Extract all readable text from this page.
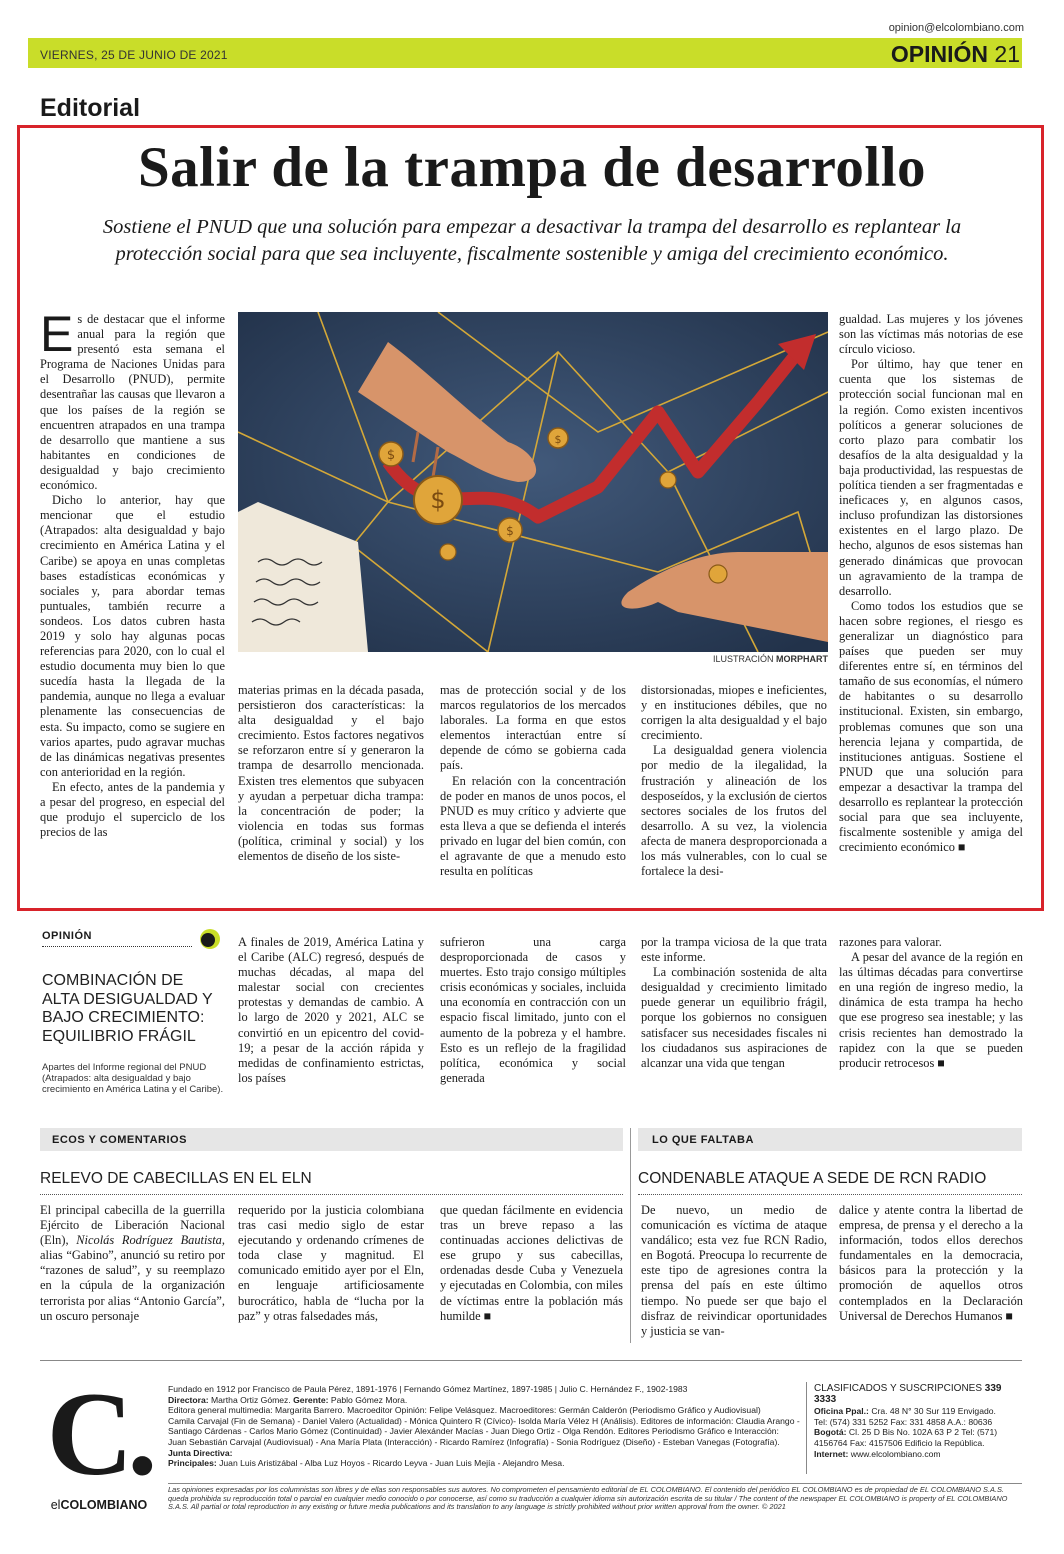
opinion@elcolombiano.com
VIERNES, 25 DE JUNIO DE 2021	OPINIÓN 21
Editorial
Salir de la trampa de desarrollo
Sostiene el PNUD que una solución para empezar a desactivar la trampa del desarrollo es replantear la protección social para que sea incluyente, fiscalmente sostenible y amiga del crecimiento económico.

Es de destacar que el informe anual para la región que presentó esta semana el Programa de Naciones Unidas para el Desarrollo (PNUD), permite desentrañar las causas que llevaron a que los países de la región se encuentren atrapados en una trampa de desarrollo que mantiene a sus habitantes en condiciones de desigualdad y bajo crecimiento económico.

Dicho lo anterior, hay que mencionar que el estudio (Atrapados: alta desigualdad y bajo crecimiento en América Latina y el Caribe) se apoya en unas completas bases estadísticas económicas y sociales y, para abordar temas puntuales, también recurre a sondeos. Los datos cubren hasta 2019 y solo hay algunas pocas referencias para 2020, con lo cual el estudio documenta muy bien lo que sucedía hasta la llegada de la pandemia, aunque no llega a evaluar plenamente las consecuencias de esta. Su impacto, como se sugiere en varios apartes, pudo agravar muchas de las dinámicas negativas presentes con anterioridad en la región.

En efecto, antes de la pandemia y a pesar del progreso, en especial del que produjo el superciclo de los precios de las

$
$
$
$
ILUSTRACIÓN MORPHART

materias primas en la década pasada, persistieron dos características: la alta desigualdad y el bajo crecimiento. Estos factores negativos se reforzaron entre sí y generaron la trampa de desarrollo mencionada. Existen tres elementos que subyacen y ayudan a perpetuar dicha trampa: la concentración de poder; la violencia en todas sus formas (política, criminal y social) y los elementos de diseño de los siste-

mas de protección social y de los marcos regulatorios de los mercados laborales. La forma en que estos elementos interactúan entre sí depende de cómo se gobierna cada país.

En relación con la concentración de poder en manos de unos pocos, el PNUD es muy crítico y advierte que esta lleva a que se defienda el interés privado en lugar del bien común, con el agravante de que a menudo esto resulta en políticas

distorsionadas, miopes e ineficientes, y en instituciones débiles, que no corrigen la alta desigualdad y el bajo crecimiento.

La desigualdad genera violencia por medio de la ilegalidad, la frustración y alineación de los desposeídos, y la exclusión de ciertos sectores sociales de los frutos del desarrollo. A su vez, la violencia afecta de manera desproporcionada a los más vulnerables, con lo cual se fortalece la desi-

gualdad. Las mujeres y los jóvenes son las víctimas más notorias de ese círculo vicioso.

Por último, hay que tener en cuenta que los sistemas de protección social funcionan mal en la región. Como existen incentivos políticos a generar soluciones de corto plazo para combatir los desafíos de la alta desigualdad y la baja productividad, las respuestas de política tienden a ser fragmentadas e ineficaces y, en algunos casos, incluso profundizan las distorsiones existentes en el largo plazo. De hecho, algunos de esos sistemas han generado dinámicas que provocan un agravamiento de la trampa de desarrollo.

Como todos los estudios que se hacen sobre regiones, el riesgo es generalizar un diagnóstico para países que pueden ser muy diferentes entre sí, en términos del tamaño de sus economías, el número de habitantes o su desarrollo institucional. Existen, sin embargo, problemas comunes que son una herencia lejana y compartida, de instituciones antiguas. Sostiene el PNUD que una solución para empezar a desactivar la trampa del desarrollo es replantear la protección social para que sea incluyente, fiscalmente sostenible y amiga del crecimiento económico ■

OPINIÓN
COMBINACIÓN DE ALTA DESIGUALDAD Y BAJO CRECIMIENTO: EQUILIBRIO FRÁGIL
Apartes del Informe regional del PNUD (Atrapados: alta desigualdad y bajo crecimiento en América Latina y el Caribe).

A finales de 2019, América Latina y el Caribe (ALC) regresó, después de muchas décadas, al mapa del malestar social con crecientes protestas y demandas de cambio. A lo largo de 2020 y 2021, ALC se convirtió en un epicentro del covid-19; a pesar de la acción rápida y medidas de confinamiento estrictas, los países

sufrieron una carga desproporcionada de casos y muertes. Esto trajo consigo múltiples crisis económicas y sociales, incluida una economía en contracción con un espacio fiscal limitado, junto con el aumento de la pobreza y el hambre. Esto es un reflejo de la fragilidad política, económica y social generada

por la trampa viciosa de la que trata este informe.

La combinación sostenida de alta desigualdad y crecimiento limitado puede generar un equilibrio frágil, porque los gobiernos no consiguen satisfacer sus necesidades fiscales ni los ciudadanos sus aspiraciones de alcanzar una vida que tengan

razones para valorar.

A pesar del avance de la región en las últimas décadas para convertirse en una región de ingreso medio, la dinámica de esta trampa ha hecho que ese progreso sea inestable; y las crisis recientes han demostrado la rapidez con la que se pueden producir retrocesos ■

ECOS Y COMENTARIOS	LO QUE FALTABA
RELEVO DE CABECILLAS EN EL ELN	CONDENABLE ATAQUE A SEDE DE RCN RADIO

El principal cabecilla de la guerrilla Ejército de Liberación Nacional (Eln), Nicolás Rodríguez Bautista, alias “Gabino”, anunció su retiro por “razones de salud”, y su reemplazo en la cúpula de la organización terrorista por alias “Antonio García”, un oscuro personaje

requerido por la justicia colombiana tras casi medio siglo de estar ejecutando y ordenando crímenes de toda clase y magnitud. El comunicado emitido ayer por el Eln, en lenguaje artificiosamente burocrático, habla de “lucha por la paz” y otras falsedades más,

que quedan fácilmente en evidencia tras un breve repaso a las continuadas acciones delictivas de ese grupo y sus cabecillas, ordenadas desde Cuba y Venezuela y ejecutadas en Colombia, con miles de víctimas entre la población más humilde ■

De nuevo, un medio de comunicación es víctima de ataque vandálico; esta vez fue RCN Radio, en Bogotá. Preocupa lo recurrente de este tipo de agresiones contra la prensa del país en este último tiempo. No puede ser que bajo el disfraz de reivindicar oportunidades y justicia se van-

dalice y atente contra la libertad de empresa, de prensa y el derecho a la información, todos ellos derechos fundamentales en la democracia, básicos para la protección y la promoción de aquellos otros contemplados en la Declaración Universal de Derechos Humanos ■

C.
elCOLOMBIANO
Fundado en 1912 por Francisco de Paula Pérez, 1891-1976 | Fernando Gómez Martínez, 1897-1985 | Julio C. Hernández F., 1902-1983
Directora: Martha Ortiz Gómez. Gerente: Pablo Gómez Mora.
Editora general multimedia: Margarita Barrero. Macroeditor Opinión: Felipe Velásquez. Macroeditores: Germán Calderón (Periodismo Gráfico y Audiovisual)
Camila Carvajal (Fin de Semana) - Daniel Valero (Actualidad) - Mónica Quintero R (Cívico)- Isolda María Vélez H (Análisis). Editores de información: Claudia Arango -
Santiago Cárdenas - Carlos Mario Gómez (Continuidad) - Javier Alexánder Macías - Juan Diego Ortiz - Olga Rendón. Editores Periodismo Gráfico e Interacción:
Juan Sebastián Carvajal (Audiovisual) - Ana María Plata (Interacción) - Ricardo Ramírez (Infografía) - Sonia Rodríguez (Diseño) - Esteban Vanegas (Fotografía).
Junta Directiva:
Principales: Juan Luis Aristizábal - Alba Luz Hoyos - Ricardo Leyva - Juan Luis Mejía - Alejandro Mesa.
CLASIFICADOS Y SUSCRIPCIONES 339 3333
Oficina Ppal.: Cra. 48 N° 30 Sur 119 Envigado.
Tel: (574) 331 5252 Fax: 331 4858 A.A.: 80636
Bogotá: Cl. 25 D Bis No. 102A 63 P 2 Tel: (571)
4156764 Fax: 4157506 Edificio la República.
Internet: www.elcolombiano.com
Las opiniones expresadas por los columnistas son libres y de ellas son responsables sus autores. No comprometen el pensamiento editorial de EL COLOMBIANO. El contenido del periódico EL COLOMBIANO es de propiedad de EL COLOMBIANO S.A.S. queda prohibida su reproducción total o parcial en cualquier medio conocido o por conocerse, así como su traducción a cualquier idioma sin autorización escrita de su titular / The content of the newspaper EL COLOMBIANO is property of EL COLOMBIANO S.A.S. All partial or total reproduction in any existing or future media publications and its translation to any language is strictly prohibited without prior written approval from the owner. © 2021
